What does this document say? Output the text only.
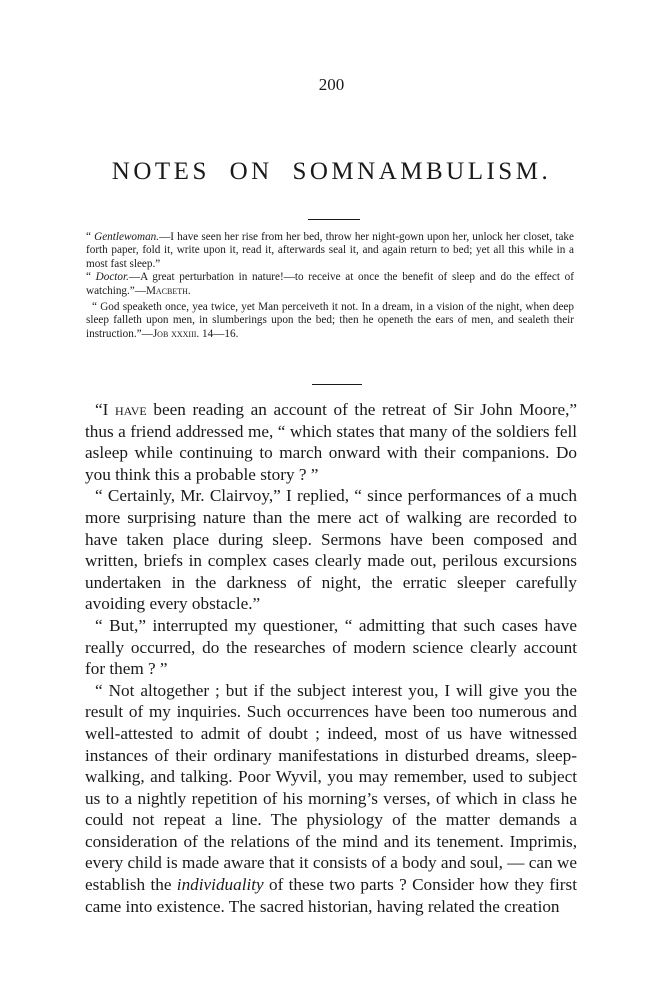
200
NOTES ON SOMNAMBULISM.

“ Gentlewoman.—I have seen her rise from her bed, throw her night-gown upon her, unlock her closet, take forth paper, fold it, write upon it, read it, afterwards seal it, and again return to bed; yet all this while in a most fast sleep.”
“ Doctor.—A great perturbation in nature!—to receive at once the benefit of sleep and do the effect of watching.”—Macbeth.

“ God speaketh once, yea twice, yet Man perceiveth it not. In a dream, in a vision of the night, when deep sleep falleth upon men, in slumberings upon the bed; then he openeth the ears of men, and sealeth their instruction.”—Job xxxiii. 14—16.

“I have been reading an account of the retreat of Sir John Moore,” thus a friend addressed me, “ which states that many of the soldiers fell asleep while continuing to march onward with their companions. Do you think this a probable story ? ”

“ Certainly, Mr. Clairvoy,” I replied, “ since performances of a much more surprising nature than the mere act of walking are recorded to have taken place during sleep. Sermons have been composed and written, briefs in complex cases clearly made out, perilous excursions undertaken in the darkness of night, the erratic sleeper carefully avoiding every obstacle.”

“ But,” interrupted my questioner, “ admitting that such cases have really occurred, do the researches of modern science clearly account for them ? ”

“ Not altogether ; but if the subject interest you, I will give you the result of my inquiries. Such occurrences have been too numerous and well-attested to admit of doubt ; indeed, most of us have witnessed instances of their ordinary manifestations in disturbed dreams, sleep-walking, and talking. Poor Wyvil, you may remember, used to subject us to a nightly repetition of his morning’s verses, of which in class he could not repeat a line. The physiology of the matter demands a consideration of the relations of the mind and its tenement. Imprimis, every child is made aware that it consists of a body and soul, — can we establish the individuality of these two parts ? Consider how they first came into existence. The sacred historian, having related the creation
